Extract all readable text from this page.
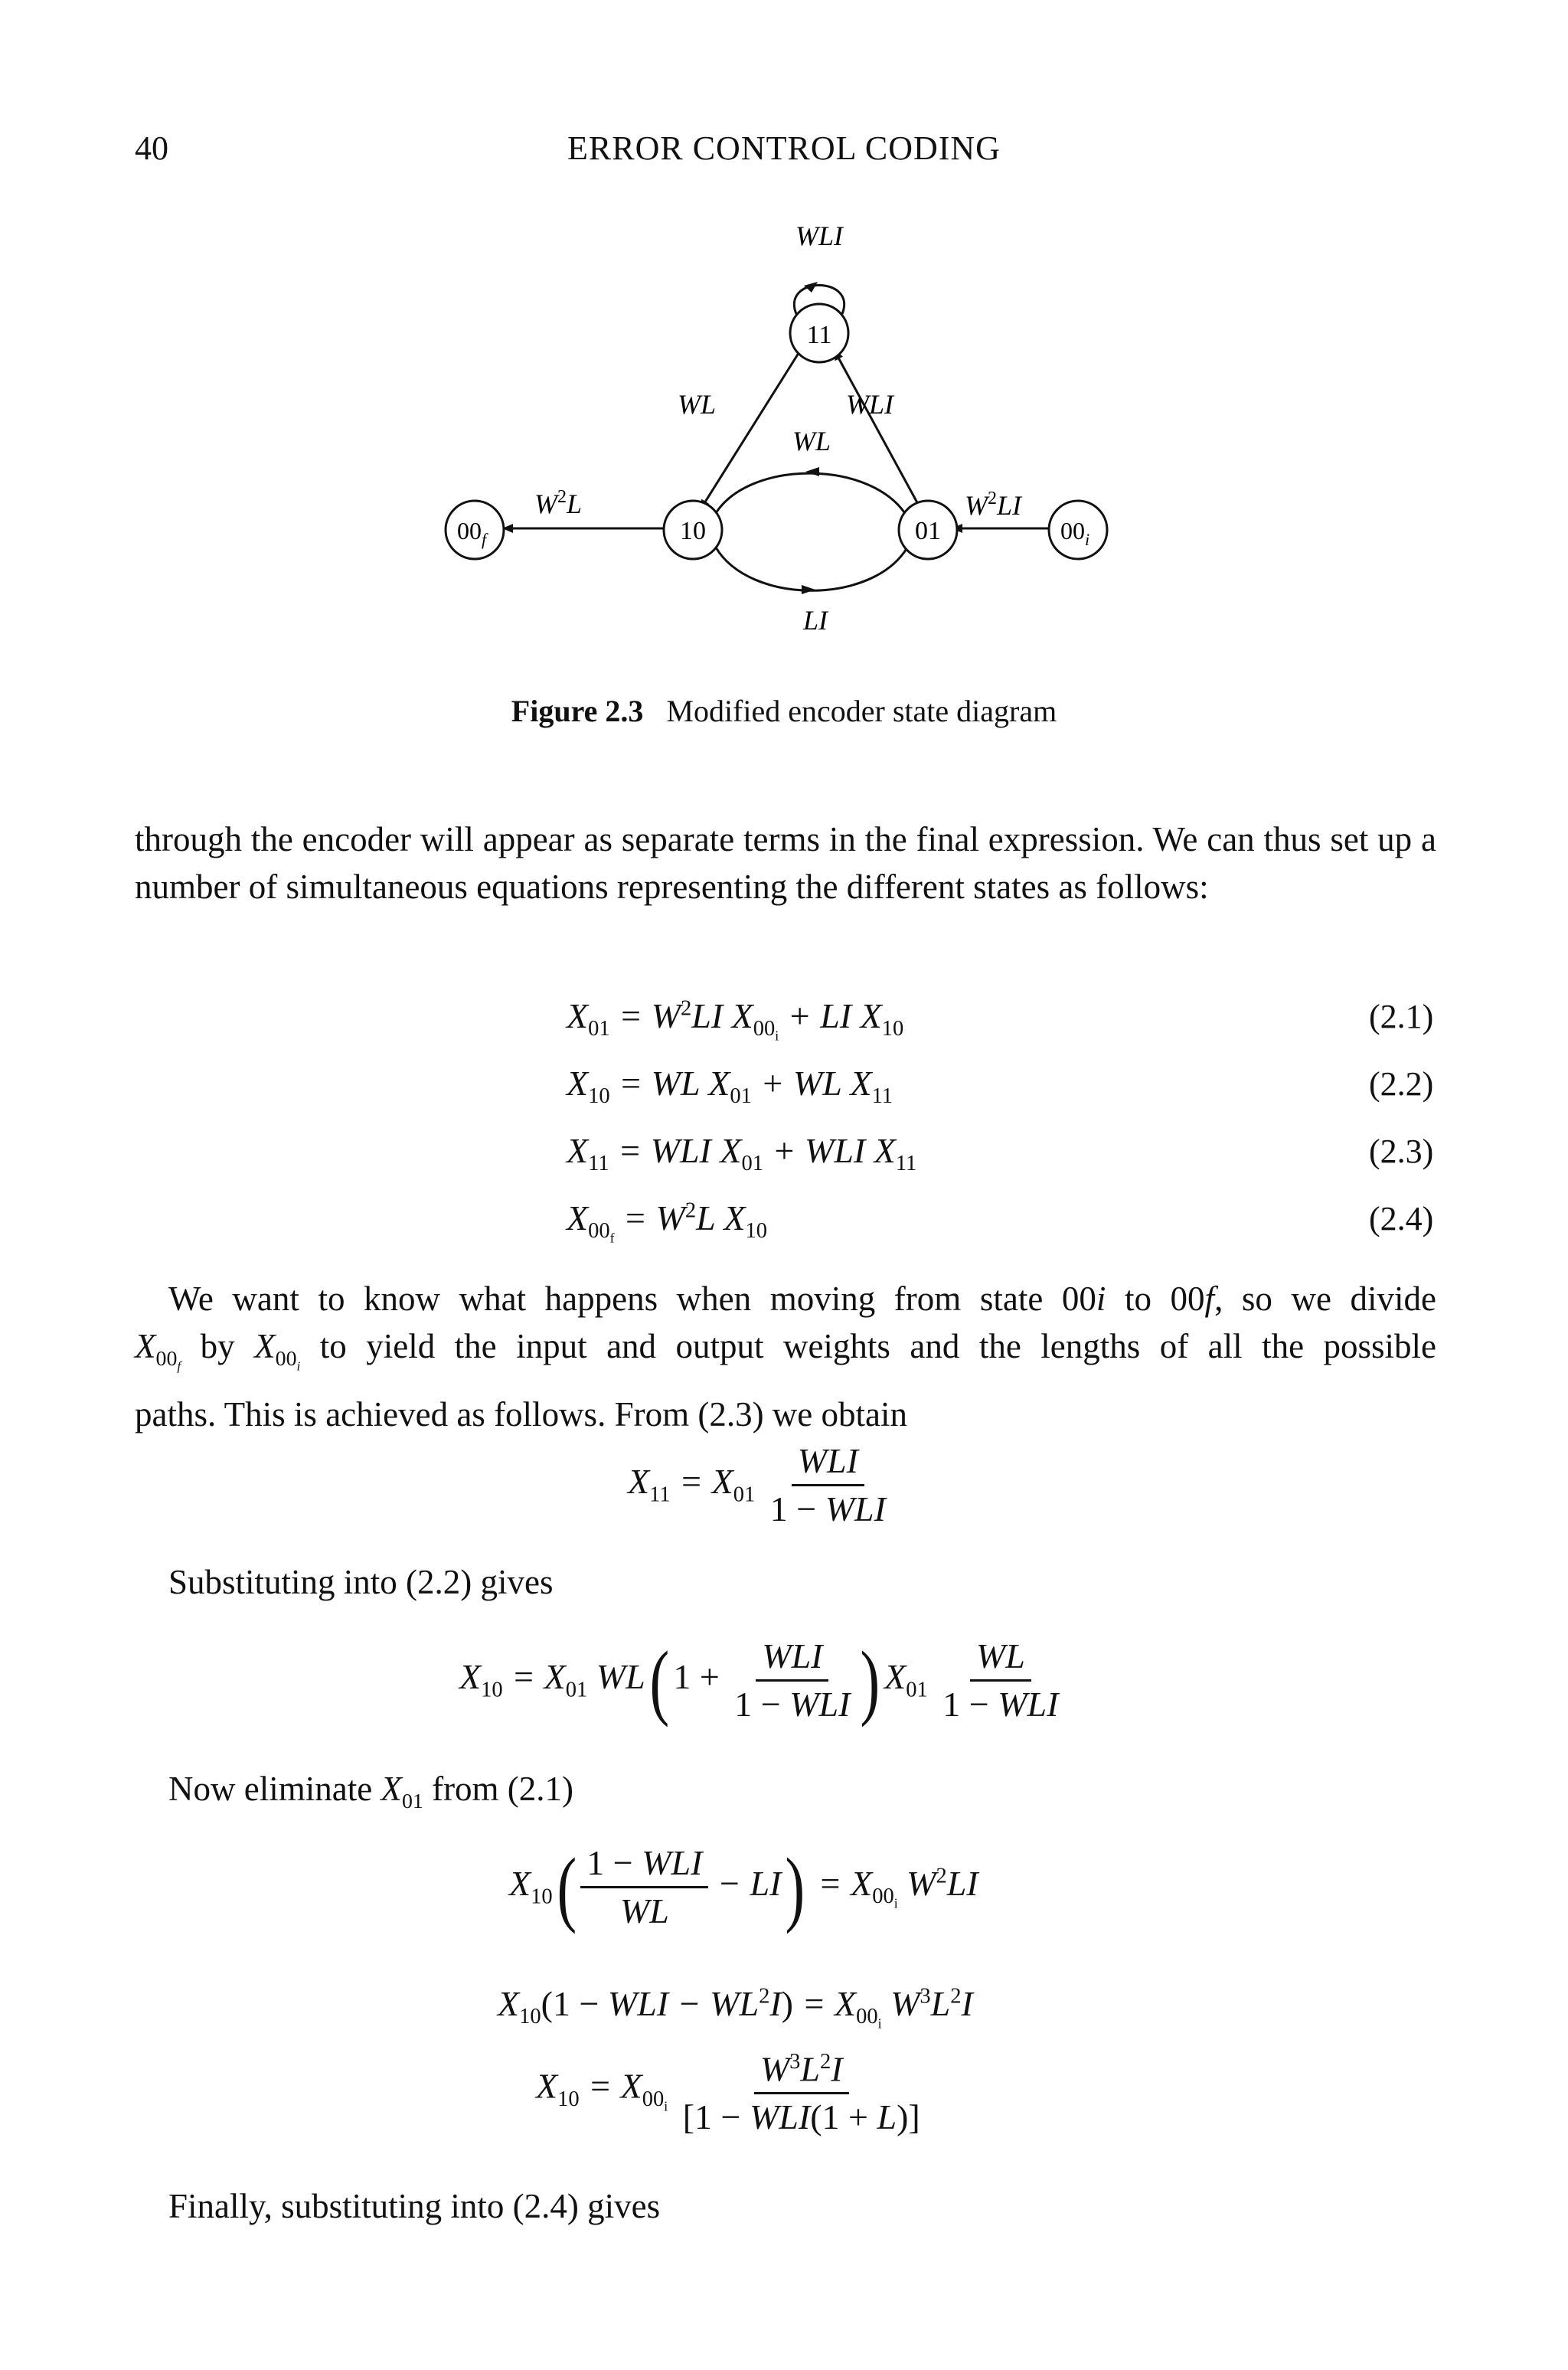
40	ERROR CONTROL CODING
11
10	01
$00_f$	$00_i$
WLI
WL	WLI
WL
LI
$W^2L$	$W^2LI$
Figure 2.3 Modified encoder state diagram
through the encoder will appear as separate terms in the final expression. We can thus set up a number of simultaneous equations representing the different states as follows:
$X_{01} = W^2LI$ $X_{00_i}$ + LI $X_{10}$	(2.1)
$X_{10}$ = WL $X_{01}$ + WL $X_{11}$	(2.2)
$X_{11}$ = WLI $X_{01}$ + WLI $X_{11}$	(2.3)
$X_{00_f} = W^2L$ $X_{10}$	(2.4)
We want to know what happens when moving from state 00i to 00f, so we divide
$X_{00_f}$ by $X_{00_i}$ to yield the input and output weights and the lengths of all the possible
paths. This is achieved as follows. From (2.3) we obtain
$X_{11} = X_{01} \frac{\text{WLI}}{\text{1 − WLI}}$
Substituting into (2.2) gives
$X_{10} = X_{01}$ WL( $1 + \frac{\text{WLI}}{\text{1 − WLI}}$ ) $X_{01} \frac{WL}{\text{1 − WLI}}$
Now eliminate $X_{01}$ from (2.1)
$X_{10}( \frac{\text{1 − WLI}}{WL} - LI) = X_{00_i}$ $W^2LI$
$X_{10}(1$ − WLI − $WL^2I) = X_{00_i}$ $W^3L^2I$
$X_{10} = X_{00_i} \frac{W^3L^2I}{\text{[1 − WLI(1 + L)]}}$
Finally, substituting into (2.4) gives
